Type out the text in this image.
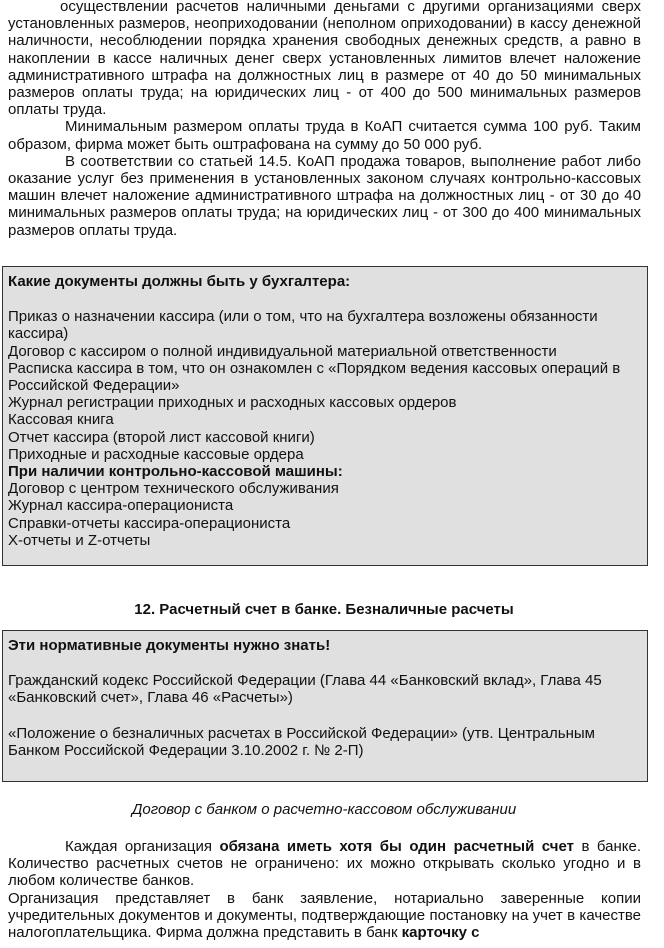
осуществлении расчетов наличными деньгами с другими организациями сверх установленных размеров, неоприходовании (неполном оприходовании) в кассу денежной наличности, несоблюдении порядка хранения свободных денежных средств, а равно в накоплении в кассе наличных денег сверх установленных лимитов влечет наложение административного штрафа на должностных лиц в размере от 40 до 50 минимальных размеров оплаты труда; на юридических лиц - от 400 до 500 минимальных размеров оплаты труда.

Минимальным размером оплаты труда в КоАП считается сумма 100 руб. Таким образом, фирма может быть оштрафована на сумму до 50 000 руб.

В соответствии со статьей 14.5. КоАП продажа товаров, выполнение работ либо оказание услуг без применения в установленных законом случаях контрольно-кассовых машин влечет наложение административного штрафа на должностных лиц - от 30 до 40 минимальных размеров оплаты труда; на юридических лиц - от 300 до 400 минимальных размеров оплаты труда.

Какие документы должны быть у бухгалтера:

Приказ о назначении кассира (или о том, что на бухгалтера возложены обязанности кассира)

Договор с кассиром о полной индивидуальной материальной ответственности

Расписка кассира в том, что он ознакомлен с «Порядком ведения кассовых операций в Российской Федерации»

Журнал регистрации приходных и расходных кассовых ордеров

Кассовая книга

Отчет кассира (второй лист кассовой книги)

Приходные и расходные кассовые ордера

При наличии контрольно-кассовой машины:

Договор с центром технического обслуживания

Журнал кассира-операциониста

Справки-отчеты кассира-операциониста

X-отчеты и Z-отчеты

12. Расчетный счет в банке. Безналичные расчеты

Эти нормативные документы нужно знать!

Гражданский кодекс Российской Федерации (Глава 44 «Банковский вклад», Глава 45 «Банковский счет», Глава 46 «Расчеты»)

«Положение о безналичных расчетах в Российской Федерации» (утв. Центральным Банком Российской Федерации 3.10.2002 г. № 2-П)

Договор с банком о расчетно-кассовом обслуживании

Каждая организация обязана иметь хотя бы один расчетный счет в банке. Количество расчетных счетов не ограничено: их можно открывать сколько угодно и в любом количестве банков.

Организация представляет в банк заявление, нотариально заверенные копии учредительных документов и документы, подтверждающие постановку на учет в качестве налогоплательщика. Фирма должна представить в банк карточку с
